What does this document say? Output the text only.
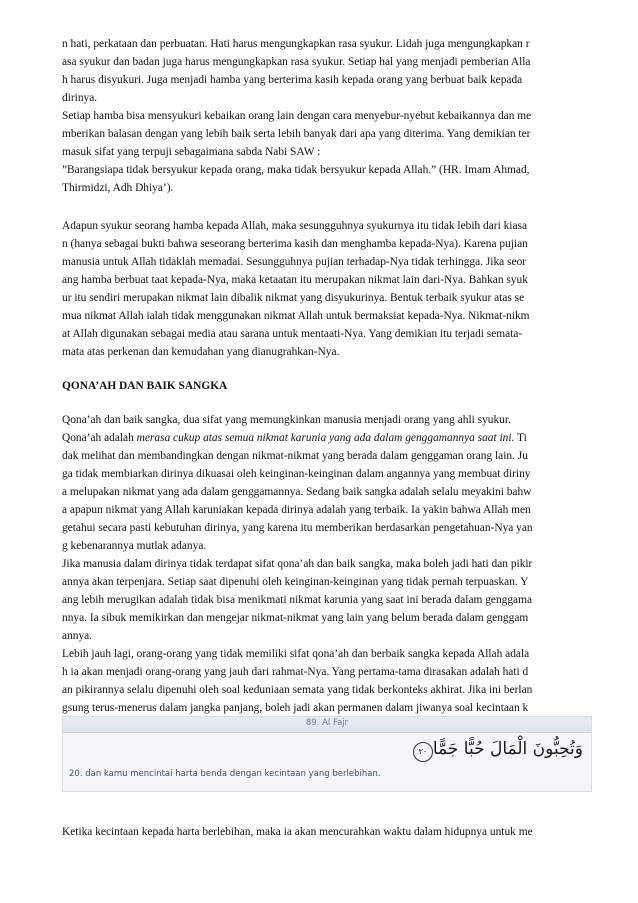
n hati, perkataan dan perbuatan. Hati harus mengungkapkan rasa syukur. Lidah juga mengungkapkan r
asa syukur dan badan juga harus mengungkapkan rasa syukur. Setiap hal yang menjadi pemberian Alla
h harus disyukuri. Juga menjadi hamba yang berterima kasih kepada orang yang berbuat baik kepada
dirinya.
Setiap hamba bisa mensyukuri kebaikan orang lain dengan cara menyebur-nyebut kebaikannya dan me
mberikan balasan dengan yang lebih baik serta lebih banyak dari apa yang diterima. Yang demikian ter
masuk sifat yang terpuji sebagaimana sabda Nabi SAW :
”Barangsiapa tidak bersyukur kepada orang, maka tidak bersyukur kepada Allah.” (HR. Imam Ahmad,
Thirmidzi, Adh Dhiya’).
Adapun syukur seorang hamba kepada Allah, maka sesungguhnya syukurnya itu tidak lebih dari kiasa
n (hanya sebagai bukti bahwa seseorang berterima kasih dan menghamba kepada-Nya). Karena pujian
manusia untuk Allah tidaklah memadai. Sesungguhnya pujian terhadap-Nya tidak terhingga. Jika seor
ang hamba berbuat taat kepada-Nya, maka ketaatan itu merupakan nikmat lain dari-Nya. Bahkan syuk
ur itu sendiri merupakan nikmat lain dibalik nikmat yang disyukurinya. Bentuk terbaik syukur atas se
mua nikmat Allah ialah tidak menggunakan nikmat Allah untuk bermaksiat kepada-Nya. Nikmat-nikm
at Allah digunakan sebagai media atau sarana untuk mentaati-Nya. Yang demikian itu terjadi semata-
mata atas perkenan dan kemudahan yang dianugrahkan-Nya.
QONA’AH DAN BAIK SANGKA
Qona’ah dan baik sangka, dua sifat yang memungkinkan manusia menjadi orang yang ahli syukur.
Qona’ah adalah merasa cukup atas semua nikmat karunia yang ada dalam genggamannya saat ini. Ti
dak melihat dan membandingkan dengan nikmat-nikmat yang berada dalam genggaman orang lain. Ju
ga tidak membiarkan dirinya dikuasai oleh keinginan-keinginan dalam angannya yang membuat diriny
a melupakan nikmat yang ada dalam genggamannya. Sedang baik sangka adalah selalu meyakini bahw
a apapun nikmat yang Allah karuniakan kepada dirinya adalah yang terbaik. Ia yakin bahwa Allah men
getahui secara pasti kebutuhan dirinya, yang karena itu memberikan berdasarkan pengetahuan-Nya yan
g kebenarannya mutlak adanya.
Jika manusia dalam dirinya tidak terdapat sifat qona’ah dan baik sangka, maka boleh jadi hati dan pikir
annya akan terpenjara. Setiap saat dipenuhi oleh keinginan-keinginan yang tidak pernah terpuaskan. Y
ang lebih merugikan adalah tidak bisa menikmati nikmat karunia yang saat ini berada dalam genggama
nnya. Ia sibuk memikirkan dan mengejar nikmat-nikmat yang lain yang belum berada dalam genggam
annya.
Lebih jauh lagi, orang-orang yang tidak memiliki sifat qona’ah dan berbaik sangka kepada Allah adala
h ia akan menjadi orang-orang yang jauh dari rahmat-Nya. Yang pertama-tama dirasakan adalah hati d
an pikirannya selalu dipenuhi oleh soal keduniaan semata yang tidak berkonteks akhirat. Jika ini berlan
gsung terus-menerus dalam jangka panjang, boleh jadi akan permanen dalam jiwanya soal kecintaan k
89. Al Fajr
وَتُحِبُّونَ الْمَالَ حُبًّا جَمًّا٢٠
20. dan kamu mencintai harta benda dengan kecintaan yang berlebihan.
Ketika kecintaan kepada harta berlebihan, maka ia akan mencurahkan waktu dalam hidupnya untuk me
